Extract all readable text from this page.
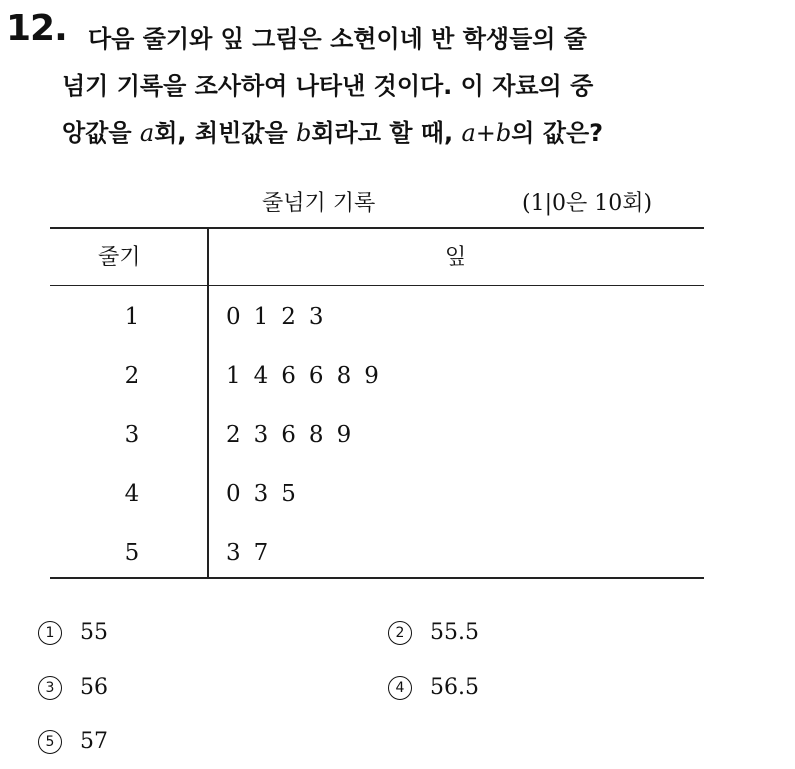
12. 다음 줄기와 잎 그림은 소현이네 반 학생들의 줄
넘기 기록을 조사하여 나타낸 것이다. 이 자료의 중
앙값을 a회, 최빈값을 b회라고 할 때, a+b의 값은?
줄넘기 기록	(1|0은 10회)
줄기	잎
1	0 1 2 3
2	1 4 6 6 8 9
3	2 3 6 8 9
4	0 3 5
5	3 7
1	55	2	55.5
3	56	4	56.5
5	57
